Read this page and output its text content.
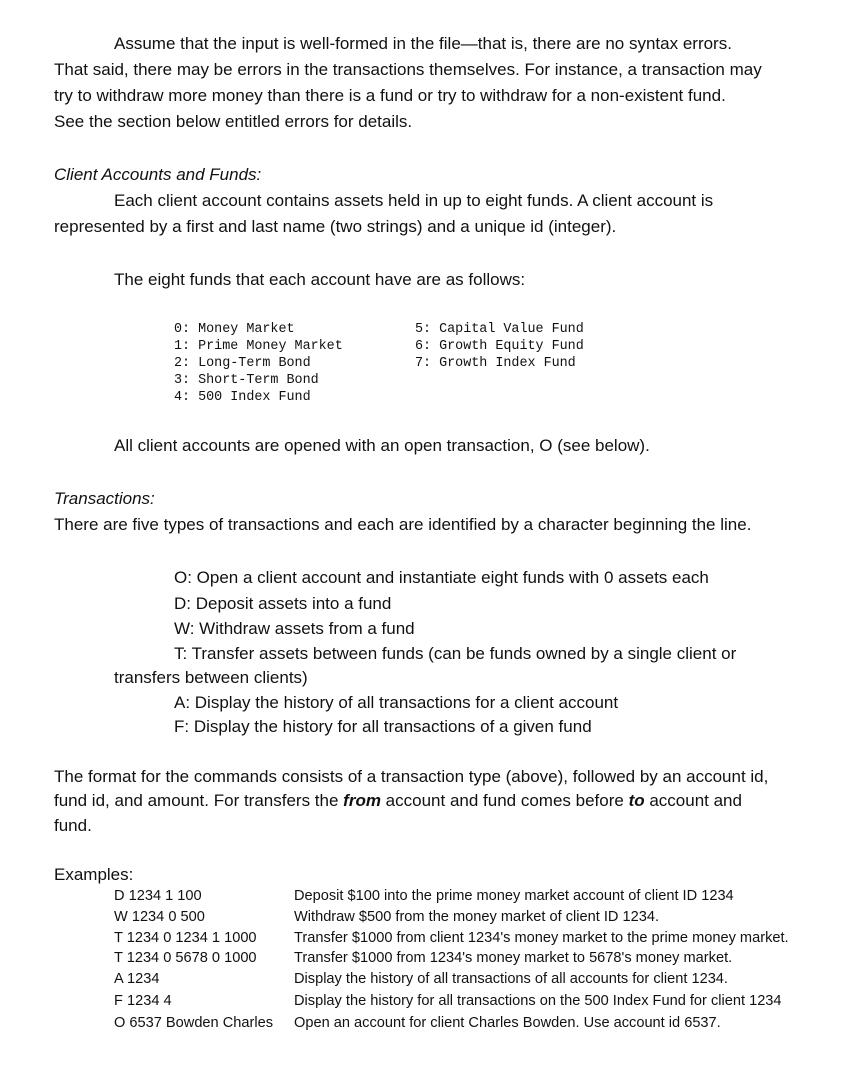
Assume that the input is well-formed in the file—that is, there are no syntax errors.

That said, there may be errors in the transactions themselves. For instance, a transaction may

try to withdraw more money than there is a fund or try to withdraw for a non-existent fund.

See the section below entitled errors for details.

Client Accounts and Funds:

Each client account contains assets held in up to eight funds. A client account is

represented by a first and last name (two strings) and a unique id (integer).

The eight funds that each account have are as follows:

0: Money Market
1: Prime Money Market
2: Long-Term Bond
3: Short-Term Bond
4: 500 Index Fund
5: Capital Value Fund
6: Growth Equity Fund
7: Growth Index Fund

All client accounts are opened with an open transaction, O (see below).

Transactions:

There are five types of transactions and each are identified by a character beginning the line.

O: Open a client account and instantiate eight funds with 0 assets each

D: Deposit assets into a fund

W: Withdraw assets from a fund

T: Transfer assets between funds (can be funds owned by a single client or

transfers between clients)

A: Display the history of all transactions for a client account

F: Display the history for all transactions of a given fund

The format for the commands consists of a transaction type (above), followed by an account id,

fund id, and amount. For transfers the from account and fund comes before to account and

fund.

Examples:

D 1234 1 100	Deposit $100 into the prime money market account of client ID 1234
W 1234 0 500	Withdraw $500 from the money market of client ID 1234.
T 1234 0 1234 1 1000	Transfer $1000 from client 1234's money market to the prime money market.
T 1234 0 5678 0 1000	Transfer $1000 from 1234's money market to 5678's money market.
A 1234	Display the history of all transactions of all accounts for client 1234.
F 1234 4	Display the history for all transactions on the 500 Index Fund for client 1234
O 6537 Bowden Charles Open an account for client Charles Bowden. Use account id 6537.
